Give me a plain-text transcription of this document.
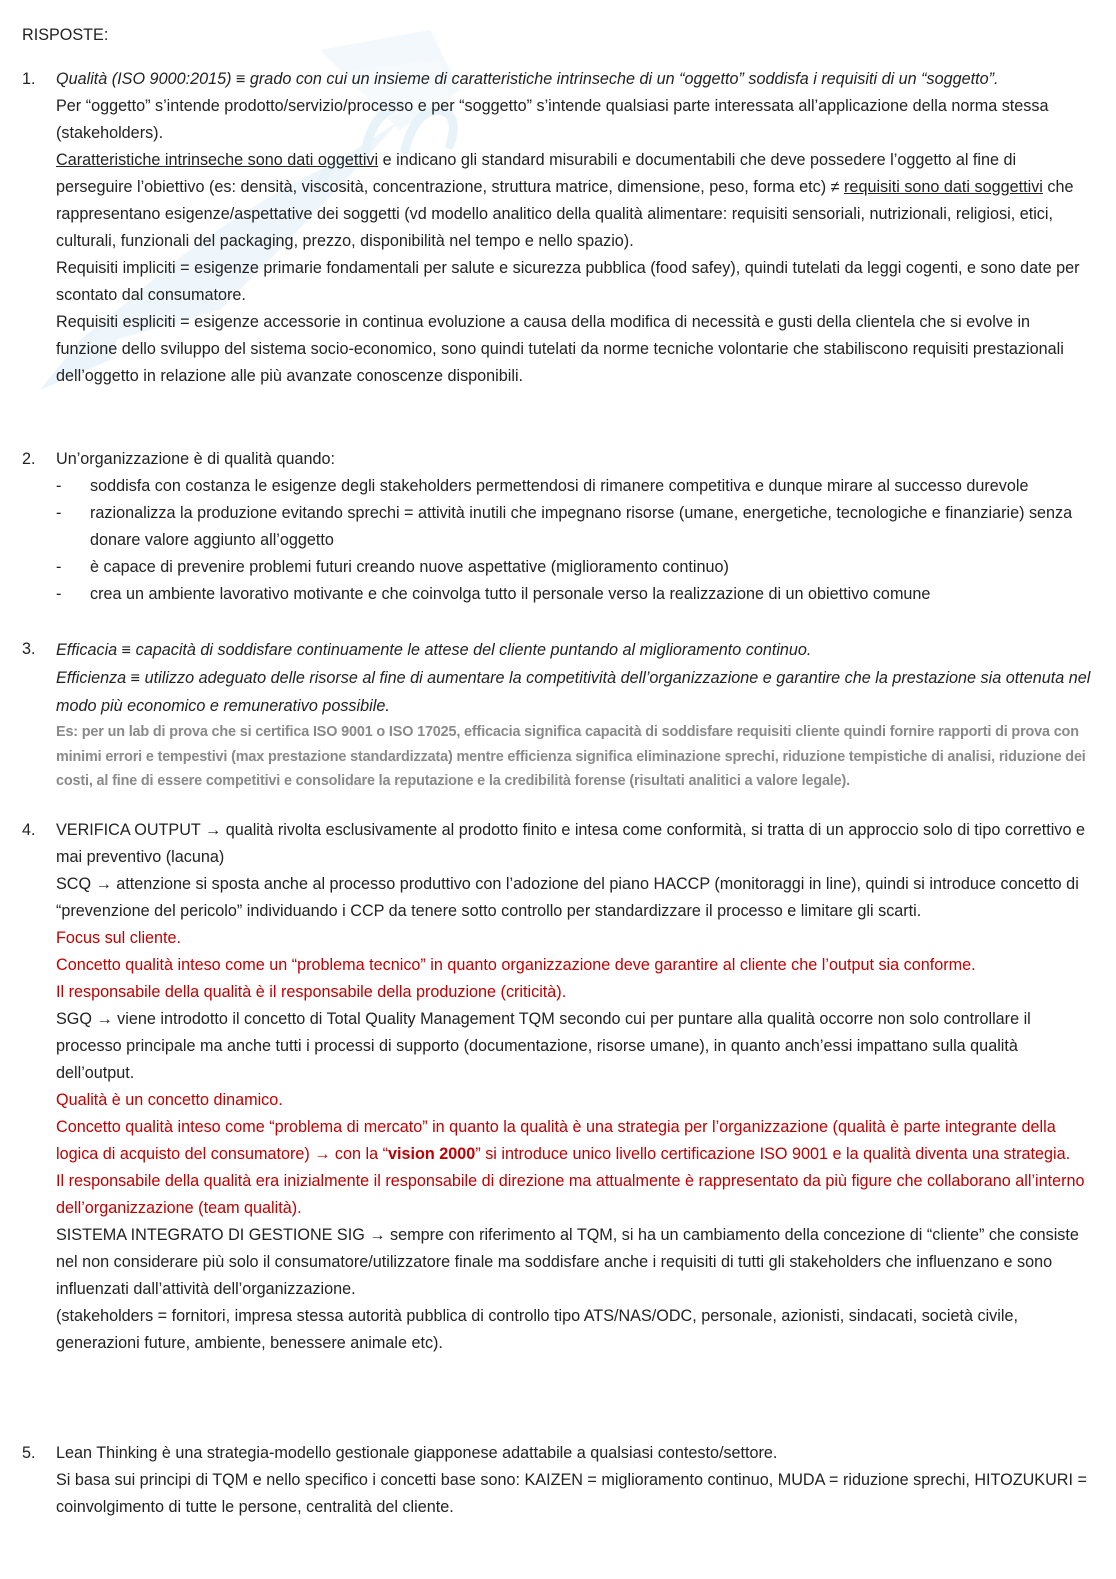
RISPOSTE:
1.	Qualità (ISO 9000:2015) ≡ grado con cui un insieme di caratteristiche intrinseche di un “oggetto” soddisfa i requisiti di un “soggetto”.

Per “oggetto” s’intende prodotto/servizio/processo e per “soggetto” s’intende qualsiasi parte interessata all’applicazione della norma stessa (stakeholders).

Caratteristiche intrinseche sono dati oggettivi e indicano gli standard misurabili e documentabili che deve possedere l’oggetto al fine di perseguire l’obiettivo (es: densità, viscosità, concentrazione, struttura matrice, dimensione, peso, forma etc) ≠ requisiti sono dati soggettivi che rappresentano esigenze/aspettative dei soggetti (vd modello analitico della qualità alimentare: requisiti sensoriali, nutrizionali, religiosi, etici, culturali, funzionali del packaging, prezzo, disponibilità nel tempo e nello spazio).

Requisiti impliciti = esigenze primarie fondamentali per salute e sicurezza pubblica (food safey), quindi tutelati da leggi cogenti, e sono date per scontato dal consumatore.

Requisiti espliciti = esigenze accessorie in continua evoluzione a causa della modifica di necessità e gusti della clientela che si evolve in funzione dello sviluppo del sistema socio-economico, sono quindi tutelati da norme tecniche volontarie che stabiliscono requisiti prestazionali dell’oggetto in relazione alle più avanzate conoscenze disponibili.

2.	Un’organizzazione è di qualità quando:

- soddisfa con costanza le esigenze degli stakeholders permettendosi di rimanere competitiva e dunque mirare al successo durevole

- razionalizza la produzione evitando sprechi = attività inutili che impegnano risorse (umane, energetiche, tecnologiche e finanziarie) senza donare valore aggiunto all’oggetto

- è capace di prevenire problemi futuri creando nuove aspettative (miglioramento continuo)

- crea un ambiente lavorativo motivante e che coinvolga tutto il personale verso la realizzazione di un obiettivo comune

3.	Efficacia ≡ capacità di soddisfare continuamente le attese del cliente puntando al miglioramento continuo.

Efficienza ≡ utilizzo adeguato delle risorse al fine di aumentare la competitività dell’organizzazione e garantire che la prestazione sia ottenuta nel modo più economico e remunerativo possibile.

Es: per un lab di prova che si certifica ISO 9001 o ISO 17025, efficacia significa capacità di soddisfare requisiti cliente quindi fornire rapporti di prova con minimi errori e tempestivi (max prestazione standardizzata) mentre efficienza significa eliminazione sprechi, riduzione tempistiche di analisi, riduzione dei costi, al fine di essere competitivi e consolidare la reputazione e la credibilità forense (risultati analitici a valore legale).

4.	VERIFICA OUTPUT → qualità rivolta esclusivamente al prodotto finito e intesa come conformità, si tratta di un approccio solo di tipo correttivo e mai preventivo (lacuna)

SCQ → attenzione si sposta anche al processo produttivo con l’adozione del piano HACCP (monitoraggi in line), quindi si introduce concetto di “prevenzione del pericolo” individuando i CCP da tenere sotto controllo per standardizzare il processo e limitare gli scarti.

Focus sul cliente.

Concetto qualità inteso come un “problema tecnico” in quanto organizzazione deve garantire al cliente che l’output sia conforme.

Il responsabile della qualità è il responsabile della produzione (criticità).

SGQ → viene introdotto il concetto di Total Quality Management TQM secondo cui per puntare alla qualità occorre non solo controllare il processo principale ma anche tutti i processi di supporto (documentazione, risorse umane), in quanto anch’essi impattano sulla qualità dell’output.

Qualità è un concetto dinamico.

Concetto qualità inteso come “problema di mercato” in quanto la qualità è una strategia per l’organizzazione (qualità è parte integrante della logica di acquisto del consumatore) → con la “vision 2000” si introduce unico livello certificazione ISO 9001 e la qualità diventa una strategia.

Il responsabile della qualità era inizialmente il responsabile di direzione ma attualmente è rappresentato da più figure che collaborano all’interno dell’organizzazione (team qualità).

SISTEMA INTEGRATO DI GESTIONE SIG → sempre con riferimento al TQM, si ha un cambiamento della concezione di “cliente” che consiste nel non considerare più solo il consumatore/utilizzatore finale ma soddisfare anche i requisiti di tutti gli stakeholders che influenzano e sono influenzati dall’attività dell’organizzazione.

(stakeholders = fornitori, impresa stessa autorità pubblica di controllo tipo ATS/NAS/ODC, personale, azionisti, sindacati, società civile, generazioni future, ambiente, benessere animale etc).

5.	Lean Thinking è una strategia-modello gestionale giapponese adattabile a qualsiasi contesto/settore.

Si basa sui principi di TQM e nello specifico i concetti base sono: KAIZEN = miglioramento continuo, MUDA = riduzione sprechi, HITOZUKURI = coinvolgimento di tutte le persone, centralità del cliente.
